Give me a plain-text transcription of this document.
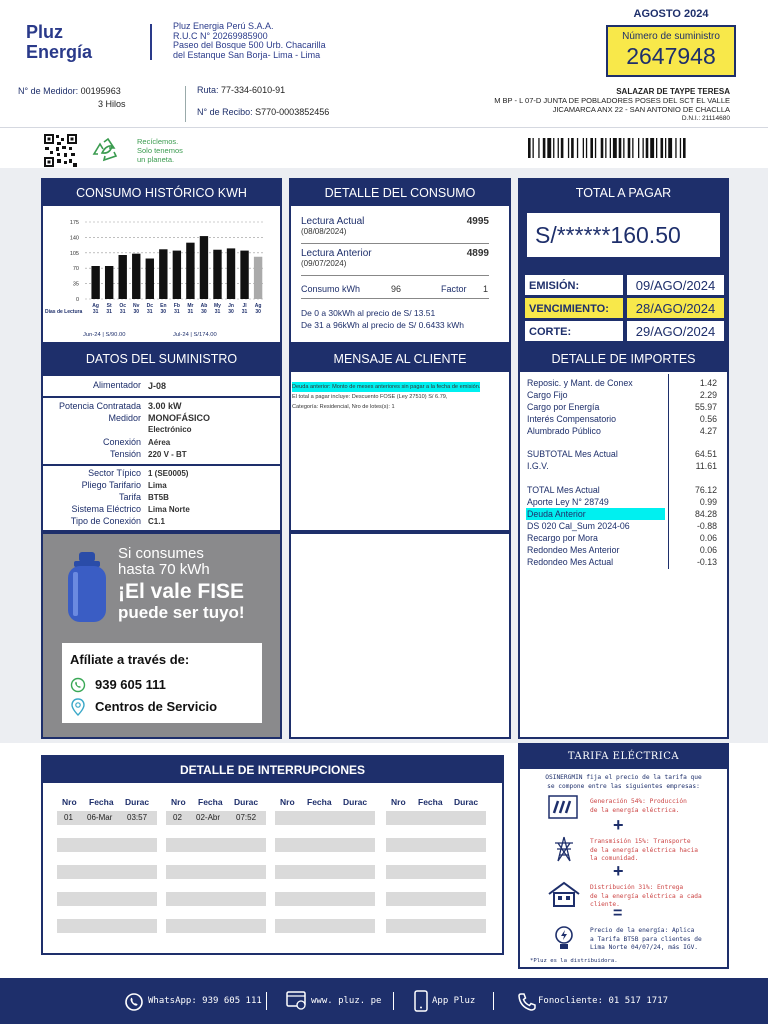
Pluz
Energía
Pluz Energia Perú S.A.A.
R.U.C N° 20269985900
Paseo del Bosque 500 Urb. Chacarilla
del Estanque San Borja- Lima - Lima
AGOSTO 2024
Número de suministro
2647948
N° de Medidor: 00195963
3 Hilos
Ruta: 77-334-6010-91
N° de Recibo: S770-0003852456
SALAZAR DE TAYPE TERESA
M BP - L 07-D JUNTA DE POBLADORES POSES DEL SCT EL VALLE
JICAMARCA ANX 22 - SAN ANTONIO DE CHACLLA
D.N.I.: 21114680
Recíclemos.
Solo tenemos
un planeta.
CONSUMO HISTÓRICO KWH
175
140
105
70
35
0
Ag
31
St
31
Oc
31
Nv
30
Dc
31
En
30
Fb
31
Mr
31
Ab
30
My
31
Jn
30
Jl
31
Ag
30
Días de Lectura
Jun-24 | S/90.00	Jul-24 | S/174.00
DETALLE DEL CONSUMO
Lectura Actual
(08/08/2024)
4995
Lectura Anterior
(09/07/2024)
4899
Consumo kWh	96	Factor 1
De 0 a 30kWh al precio de S/ 13.51
De 31 a 96kWh al precio de S/ 0.6433 kWh
TOTAL A PAGAR
S/******160.50
EMISIÓN:	09/AGO/2024
VENCIMIENTO:	28/AGO/2024
CORTE:	29/AGO/2024
DATOS DEL SUMINISTRO
Alimentador J-08
Potencia Contratada 3.00 kW
Medidor MONOFÁSICO
Electrónico
Conexión Aérea
Tensión 220 V - BT
Sector Típico 1 (SE0005)
Pliego Tarifario Lima
Tarifa BT5B
Sistema Eléctrico Lima Norte
Tipo de Conexión C1.1
MENSAJE AL CLIENTE
Deuda anterior: Monto de meses anteriores sin pagar a la fecha de emisión.
El total a pagar incluye: Descuento FOSE (Ley 27510) S/ 6.79,
Categoría: Residencial, Nro de lotes(s): 1
DETALLE DE IMPORTES
Reposic. y Mant. de Conex	1.42
Cargo Fijo	2.29
Cargo por Energía	55.97
Interés Compensatorio	0.56
Alumbrado Público	4.27
SUBTOTAL Mes Actual	64.51
I.G.V.	11.61
TOTAL Mes Actual	76.12
Aporte Ley N° 28749	0.99
Deuda Anterior	84.28
DS 020 Cal_Sum 2024-06	-0.88
Recargo por Mora	0.06
Redondeo Mes Anterior	0.06
Redondeo Mes Actual	-0.13
Si consumes
hasta 70 kWh
¡El vale FISE
puede ser tuyo!
Afíliate a través de:
939 605 111
Centros de Servicio
DETALLE DE INTERRUPCIONES
Nro Fecha Durac	Nro Fecha Durac	Nro Fecha Durac	Nro Fecha Durac
01 06-Mar 03:57	02 02-Abr 07:52
TARIFA ELÉCTRICA
OSINERGMIN fija el precio de la tarifa que
se compone entre las siguientes empresas:
Generación 54%: Producción
de la energía eléctrica.
+
Transmisión 15%: Transporte
de la energía eléctrica hacia
la comunidad.
+
Distribución 31%: Entrega
de la energía eléctrica a cada
cliente.
=
Precio de la energía: Aplica
a Tarifa BT5B para clientes de
Lima Norte 04/07/24, más IGV.
*Pluz es la distribuidora.
WhatsApp: 939 605 111	www. pluz. pe	App Pluz	Fonocliente: 01 517 1717
